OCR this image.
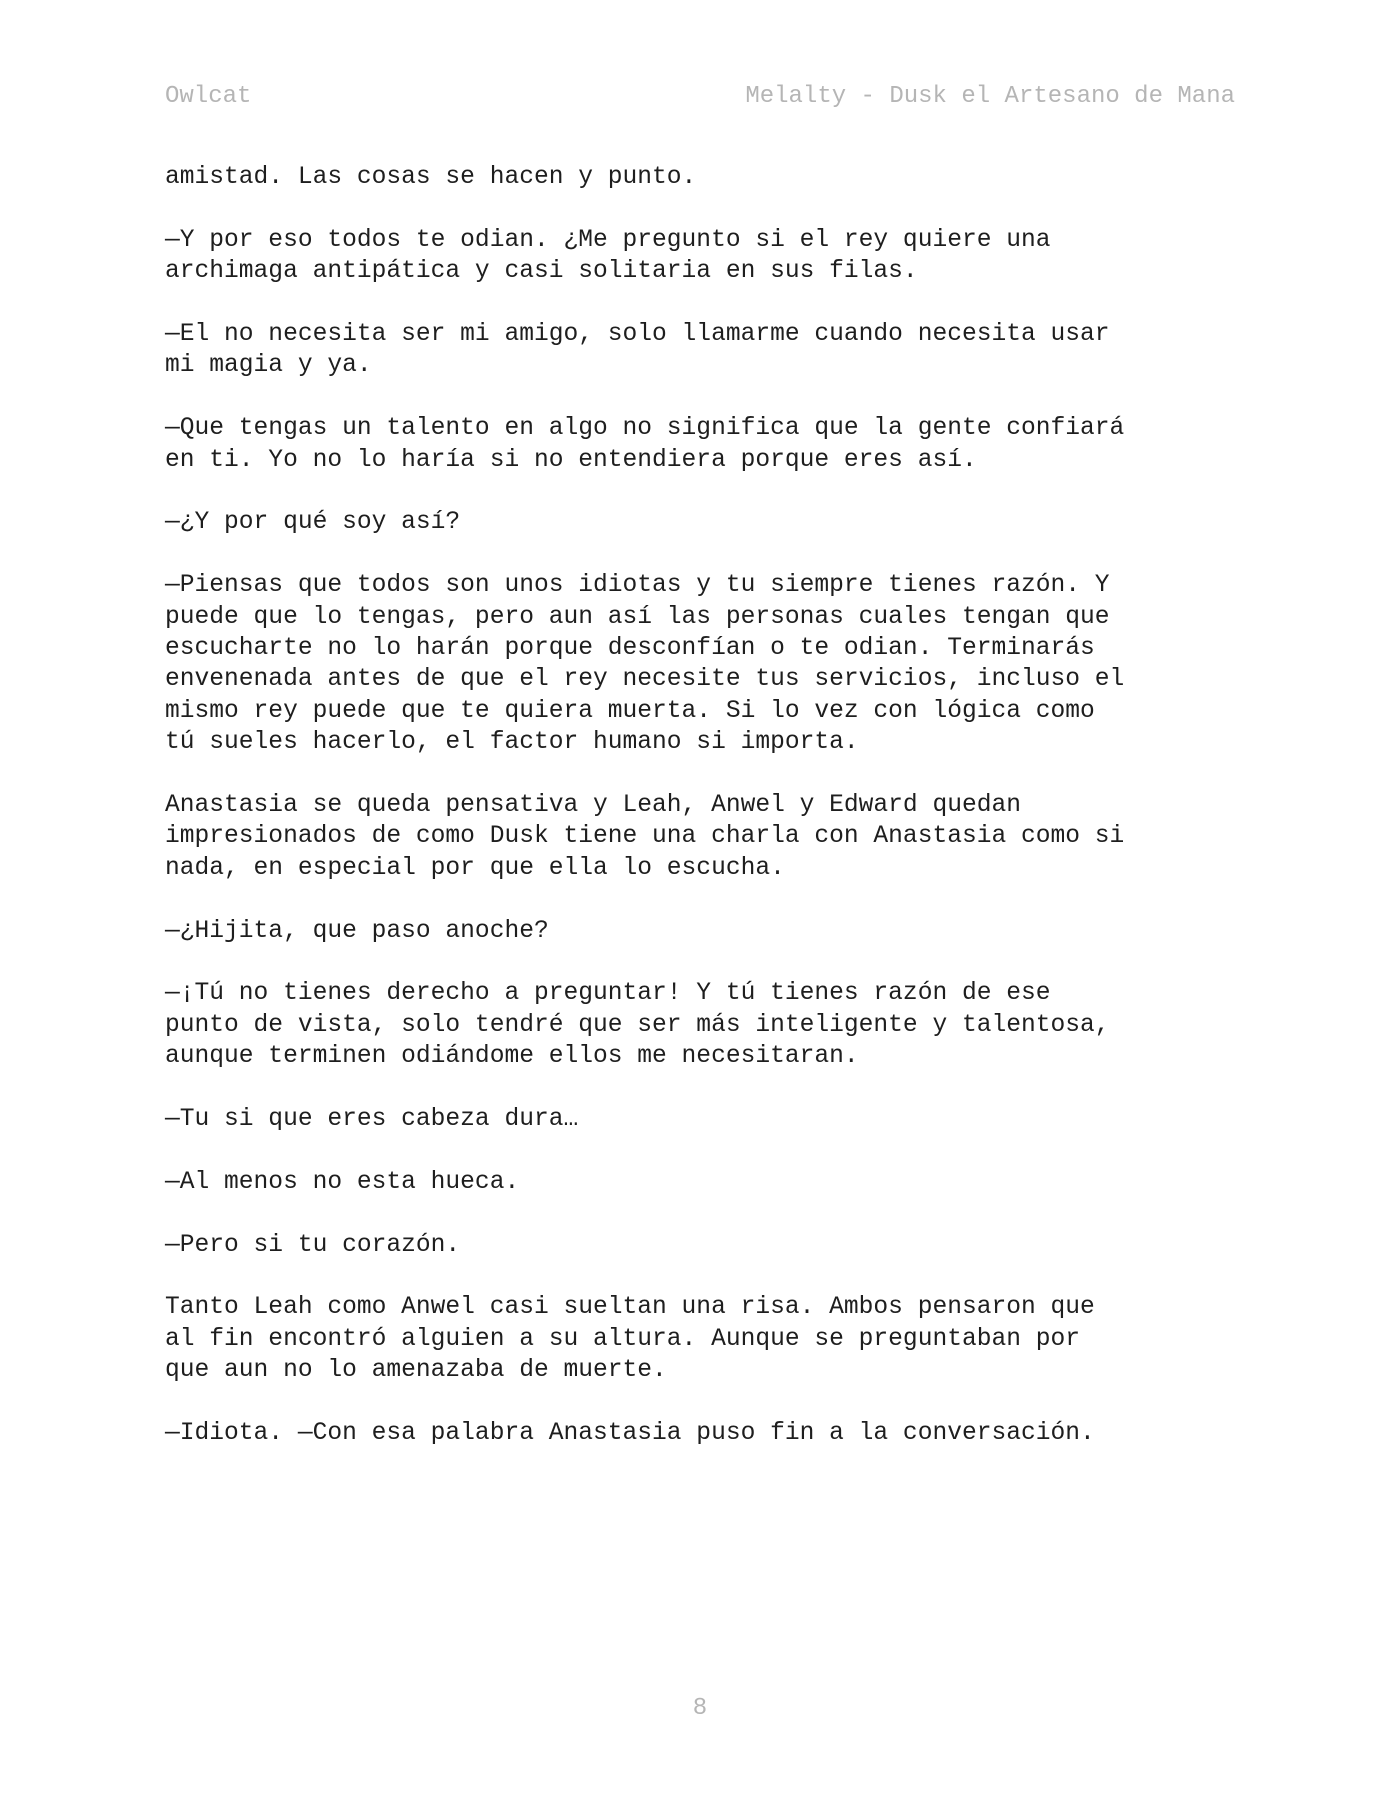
Owlcat	Melalty - Dusk el Artesano de Mana

amistad. Las cosas se hacen y punto.

—Y por eso todos te odian. ¿Me pregunto si el rey quiere una
archimaga antipática y casi solitaria en sus filas.

—El no necesita ser mi amigo, solo llamarme cuando necesita usar
mi magia y ya.

—Que tengas un talento en algo no significa que la gente confiará
en ti. Yo no lo haría si no entendiera porque eres así.

—¿Y por qué soy así?

—Piensas que todos son unos idiotas y tu siempre tienes razón. Y
puede que lo tengas, pero aun así las personas cuales tengan que
escucharte no lo harán porque desconfían o te odian. Terminarás
envenenada antes de que el rey necesite tus servicios, incluso el
mismo rey puede que te quiera muerta. Si lo vez con lógica como
tú sueles hacerlo, el factor humano si importa.

Anastasia se queda pensativa y Leah, Anwel y Edward quedan
impresionados de como Dusk tiene una charla con Anastasia como si
nada, en especial por que ella lo escucha.

—¿Hijita, que paso anoche?

—¡Tú no tienes derecho a preguntar! Y tú tienes razón de ese
punto de vista, solo tendré que ser más inteligente y talentosa,
aunque terminen odiándome ellos me necesitaran.

—Tu si que eres cabeza dura…

—Al menos no esta hueca.

—Pero si tu corazón.

Tanto Leah como Anwel casi sueltan una risa. Ambos pensaron que
al fin encontró alguien a su altura. Aunque se preguntaban por
que aun no lo amenazaba de muerte.

—Idiota. —Con esa palabra Anastasia puso fin a la conversación.

8
